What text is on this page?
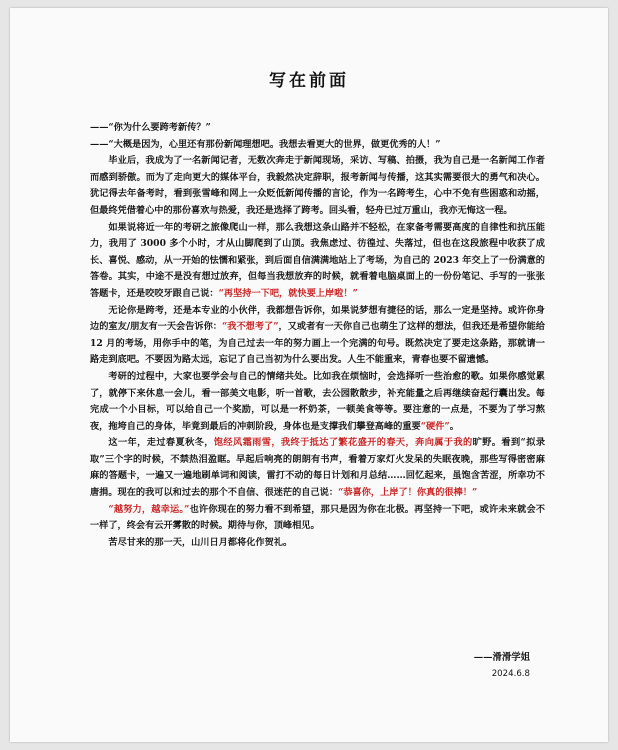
写在前面

——“你为什么要跨考新传？”

——“大概是因为，心里还有那份新闻理想吧。我想去看更大的世界，做更优秀的人！”

毕业后，我成为了一名新闻记者，无数次奔走于新闻现场，采访、写稿、拍摄，我为自己是一名新闻工作者而感到骄傲。而为了走向更大的媒体平台，我毅然决定辞职，报考新闻与传播，这其实需要很大的勇气和决心。犹记得去年备考时，看到张雪峰和网上一众贬低新闻传播的言论，作为一名跨考生，心中不免有些困惑和动摇，但最终凭借着心中的那份喜欢与热爱，我还是选择了跨考。回头看，轻舟已过万重山，我亦无悔这一程。

如果说将近一年的考研之旅像爬山一样，那么我想这条山路并不轻松，在家备考需要高度的自律性和抗压能力，我用了 3000 多个小时，才从山脚爬到了山顶。我焦虑过、彷徨过、失落过，但也在这段旅程中收获了成长、喜悦、感动，从一开始的怯懦和紧张，到后面自信满满地站上了考场，为自己的 2023 年交上了一份满意的答卷。其实，中途不是没有想过放弃，但每当我想放弃的时候，就看着电脑桌面上的一份份笔记、手写的一张张答题卡，还是咬咬牙跟自己说：“再坚持一下吧，就快要上岸啦！”

无论你是跨考，还是本专业的小伙伴，我都想告诉你，如果说梦想有捷径的话，那么一定是坚持。或许你身边的室友/朋友有一天会告诉你：“我不想考了”，又或者有一天你自己也萌生了这样的想法，但我还是希望你能给 12 月的考场，用你手中的笔，为自己过去一年的努力画上一个完满的句号。既然决定了要走这条路，那就请一路走到底吧。不要因为路太远，忘记了自己当初为什么要出发。人生不能重来，青春也要不留遗憾。

考研的过程中，大家也要学会与自己的情绪共处。比如我在烦恼时，会选择听一些治愈的歌。如果你感觉累了，就停下来休息一会儿，看一部美文电影，听一首歌，去公园散散步，补充能量之后再继续奋起行囊出发。每完成一个小目标，可以给自己一个奖励，可以是一杯奶茶，一顿美食等等。要注意的一点是，不要为了学习熬夜，拖垮自己的身体，毕竟到最后的冲刺阶段，身体也是支撑我们攀登高峰的重要“硬件”。

这一年，走过春夏秋冬，饱经风霜雨雪，我终于抵达了繁花盛开的春天，奔向属于我的旷野。看到“拟录取”三个字的时候，不禁热泪盈眶。早起后响亮的朗朗有书声，看着万家灯火发呆的失眠夜晚，那些写得密密麻麻的答题卡，一遍又一遍地刷单词和阅读，雷打不动的每日计划和月总结……回忆起来，虽饱含苦涩，所幸功不唐捐。现在的我可以和过去的那个不自信、很迷茫的自己说：“恭喜你，上岸了！你真的很棒！”

“越努力，越幸运。”也许你现在的努力看不到希望，那只是因为你在北极。再坚持一下吧，或许未来就会不一样了，终会有云开雾散的时候。期待与你，顶峰相见。

苦尽甘来的那一天，山川日月都将化作贺礼。

——滑滑学姐
2024.6.8
